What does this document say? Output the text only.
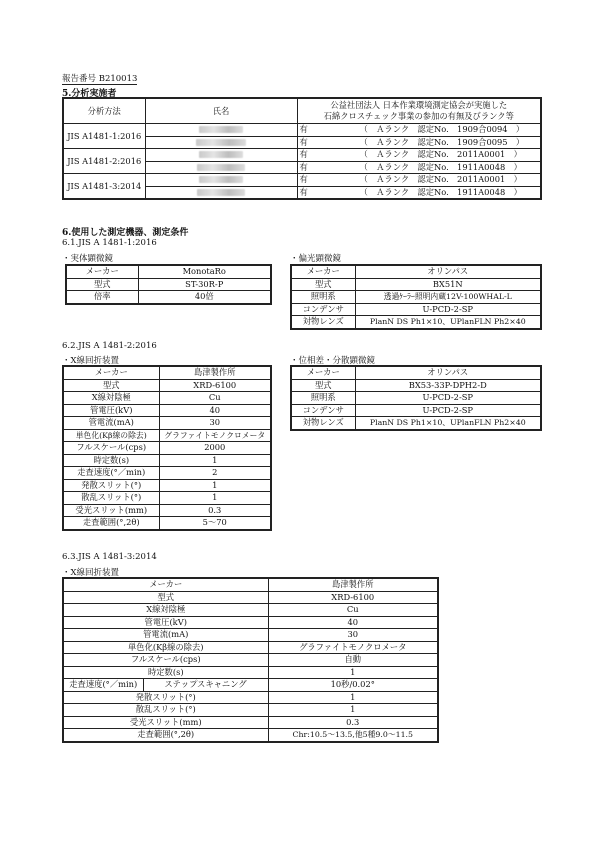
報告番号 B210013
5.分析実施者
分析方法	氏名	公益社団法人 日本作業環境測定協会が実施した
石綿クロスチェック事業の参加の有無及びランク等

JIS A1481-1:2016		有 （　Ａランク　認定No.　1909合0094　）
		有 （　Ａランク　認定No.　1909合0095　）
JIS A1481-2:2016		有 （　Ａランク　認定No.　2011A0001　）
		有 （　Ａランク　認定No.　1911A0048　）
JIS A1481-3:2014		有 （　Ａランク　認定No.　2011A0001　）
		有 （　Ａランク　認定No.　1911A0048　）
6.使用した測定機器、測定条件
6.1.JIS A 1481-1:2016
・実体顕微鏡
メーカー	MonotaRo
型式	ST-30R-P
倍率	40倍
・偏光顕微鏡
メーカー	オリンパス
型式	BX51N
照明系	透過ｹｰﾗｰ照明内蔵12V-100WHAL-L
コンデンサ	U-PCD-2-SP
対物レンズ	PlanN DS Ph1×10、UPlanFLN Ph2×40
6.2.JIS A 1481-2:2016
・X線回折装置
メーカー	島津製作所
型式	XRD-6100
X線対陰極	Cu
管電圧(kV)	40
管電流(mA)	30
単色化(Kβ線の除去)	グラファイトモノクロメータ
フルスケール(cps)	2000
時定数(s)	1
走査速度(°／min)	2
発散スリット(°)	1
散乱スリット(°)	1
受光スリット(mm)	0.3
走査範囲(°,2θ)	5～70
・位相差・分散顕微鏡
メーカー	オリンパス
型式	BX53-33P-DPH2-D
照明系	U-PCD-2-SP
コンデンサ	U-PCD-2-SP
対物レンズ	PlanN DS Ph1×10、UPlanFLN Ph2×40
6.3.JIS A 1481-3:2014
・X線回折装置
メーカー		島津製作所
型式		XRD-6100
X線対陰極		Cu
管電圧(kV)		40
管電流(mA)		30
単色化(Kβ線の除去)		グラファイトモノクロメータ
フルスケール(cps)		自動
時定数(s)		1
走査速度(°／min)	ステップスキャニング	10秒/0.02°
発散スリット(°)		1
散乱スリット(°)		1
受光スリット(mm)		0.3
走査範囲(°,2θ)		Chr:10.5～13.5,他5種9.0～11.5
